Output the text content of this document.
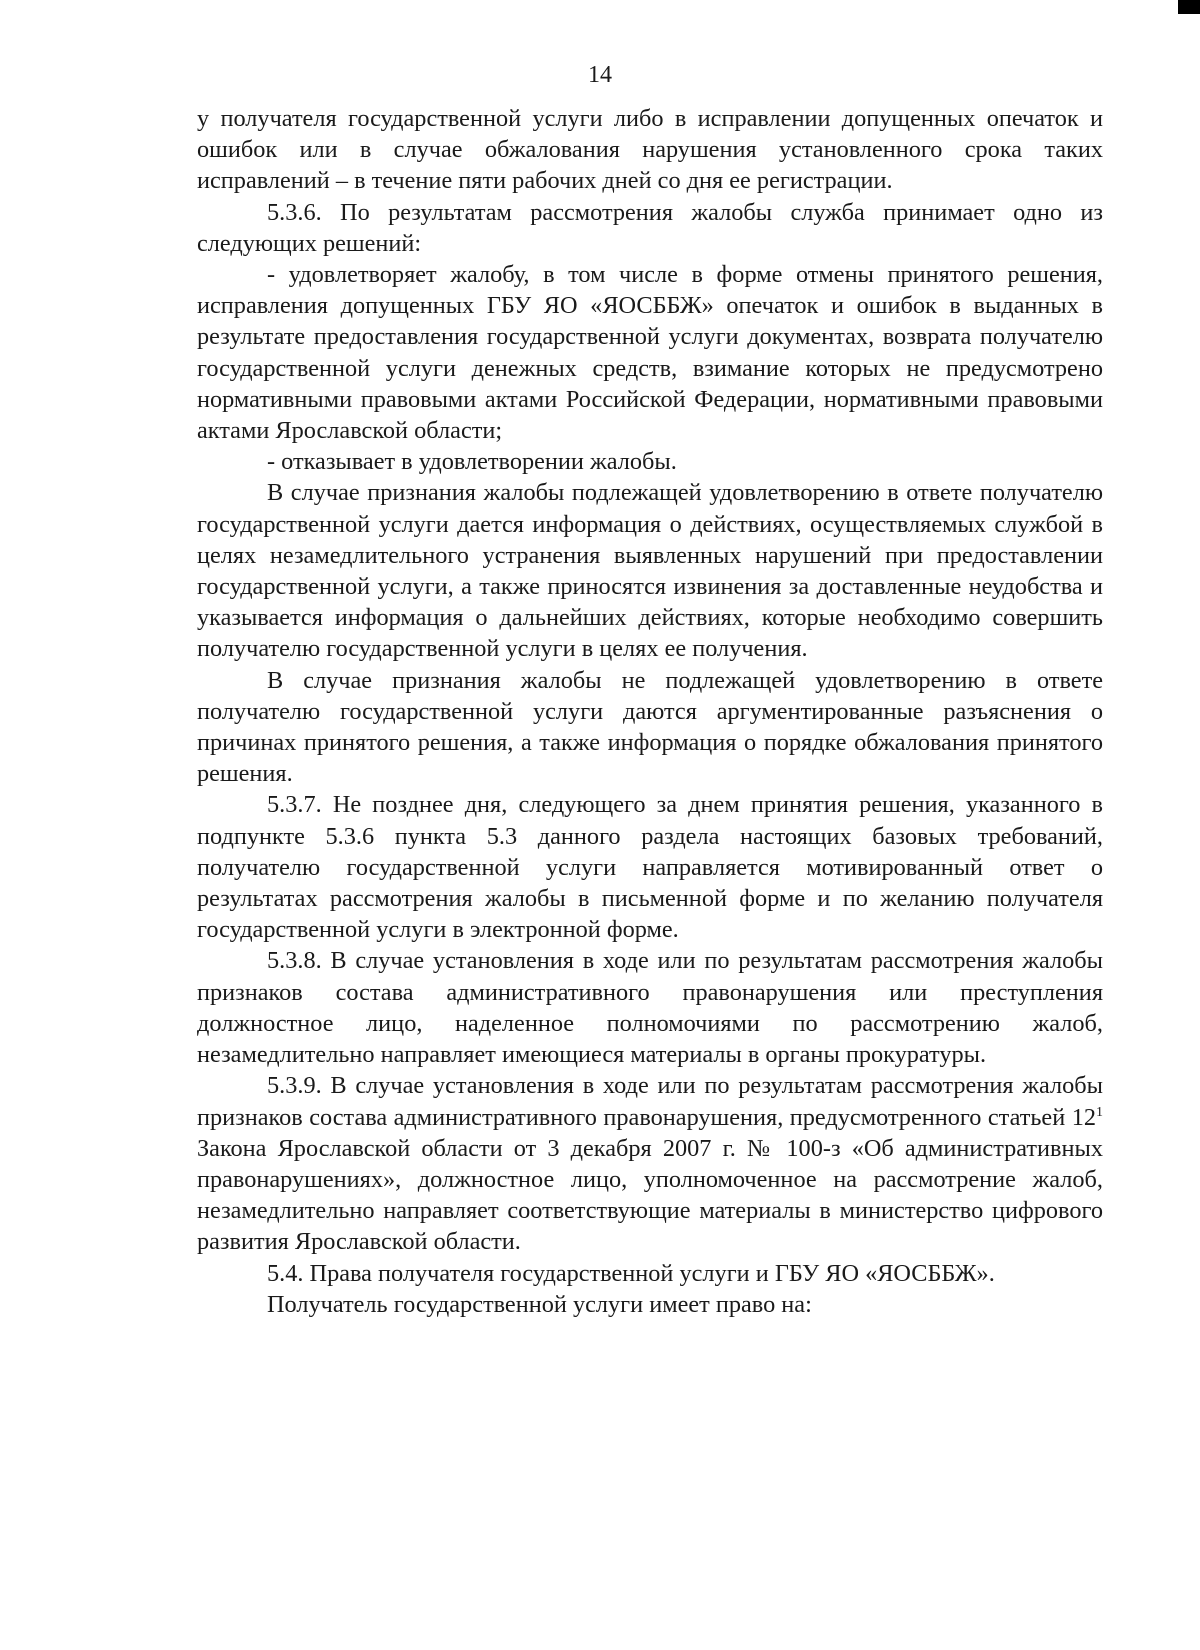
14

у получателя государственной услуги либо в исправлении допущенных опечаток и ошибок или в случае обжалования нарушения установленного срока таких исправлений – в течение пяти рабочих дней со дня ее регистрации.

5.3.6. По результатам рассмотрения жалобы служба принимает одно из следующих решений:

- удовлетворяет жалобу, в том числе в форме отмены принятого решения, исправления допущенных ГБУ ЯО «ЯОСББЖ» опечаток и ошибок в выданных в результате предоставления государственной услуги документах, возврата получателю государственной услуги денежных средств, взимание которых не предусмотрено нормативными правовыми актами Российской Федерации, нормативными правовыми актами Ярославской области;

- отказывает в удовлетворении жалобы.

В случае признания жалобы подлежащей удовлетворению в ответе получателю государственной услуги дается информация о действиях, осуществляемых службой в целях незамедлительного устранения выявленных нарушений при предоставлении государственной услуги, а также приносятся извинения за доставленные неудобства и указывается информация о дальнейших действиях, которые необходимо совершить получателю государственной услуги в целях ее получения.

В случае признания жалобы не подлежащей удовлетворению в ответе получателю государственной услуги даются аргументированные разъяснения о причинах принятого решения, а также информация о порядке обжалования принятого решения.

5.3.7. Не позднее дня, следующего за днем принятия решения, указанного в подпункте 5.3.6 пункта 5.3 данного раздела настоящих базовых требований, получателю государственной услуги направляется мотивированный ответ о результатах рассмотрения жалобы в письменной форме и по желанию получателя государственной услуги в электронной форме.

5.3.8. В случае установления в ходе или по результатам рассмотрения жалобы признаков состава административного правонарушения или преступления должностное лицо, наделенное полномочиями по рассмотрению жалоб, незамедлительно направляет имеющиеся материалы в органы прокуратуры.

5.3.9. В случае установления в ходе или по результатам рассмотрения жалобы признаков состава административного правонарушения, предусмотренного статьей $12^1$ Закона Ярославской области от 3 декабря 2007 г. № 100-з «Об административных правонарушениях», должностное лицо, уполномоченное на рассмотрение жалоб, незамедлительно направляет соответствующие материалы в министерство цифрового развития Ярославской области.

5.4. Права получателя государственной услуги и ГБУ ЯО «ЯОСББЖ».

Получатель государственной услуги имеет право на:
